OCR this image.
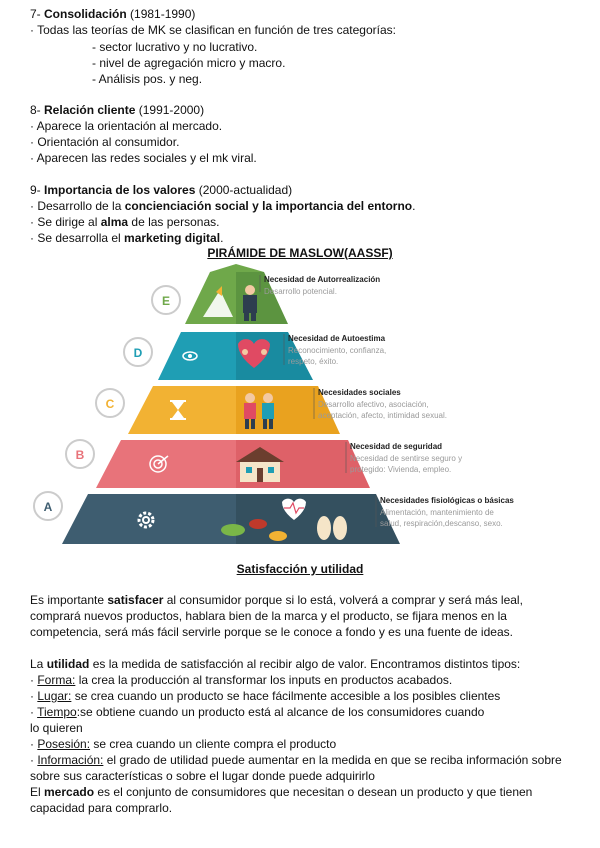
7- Consolidación (1981-1990)
· Todas las teorías de MK se clasifican en función de tres categorías:
- sector lucrativo y no lucrativo.
- nivel de agregación micro y macro.
- Análisis pos. y neg.
8- Relación cliente (1991-2000)
· Aparece la orientación al mercado.
· Orientación al consumidor.
· Aparecen las redes sociales y el mk viral.
9- Importancia de los valores (2000-actualidad)
· Desarrollo de la concienciación social y la importancia del entorno.
· Se dirige al alma de las personas.
· Se desarrolla el marketing digital.
PIRÁMIDE DE MASLOW(AASSF)
E
Necesidad de Autorrealización
Desarrollo potencial.
D
Necesidad de Autoestima
Reconocimiento, confianza,
respeto, éxito.
C
Necesidades sociales
Desarrollo afectivo, asociación,
aceptación, afecto, intimidad sexual.
B
Necesidad de seguridad
Necesidad de sentirse seguro y
protegido: Vivienda, empleo.
A	Necesidades fisiológicas o básicas
Alimentación, mantenimiento de
salud, respiración,descanso, sexo.
Satisfacción y utilidad
Es importante satisfacer al consumidor porque si lo está, volverá a comprar y será más leal,
comprará nuevos productos, hablara bien de la marca y el producto, se fijara menos en la
competencia, será más fácil servirle porque se le conoce a fondo y es una fuente de ideas.
La utilidad es la medida de satisfacción al recibir algo de valor. Encontramos distintos tipos:
· Forma: la crea la producción al transformar los inputs en productos acabados.
· Lugar: se crea cuando un producto se hace fácilmente accesible a los posibles clientes
· Tiempo:se obtiene cuando un producto está al alcance de los consumidores cuando
lo quieren
· Posesión: se crea cuando un cliente compra el producto
· Información: el grado de utilidad puede aumentar en la medida en que se reciba información sobre
sobre sus características o sobre el lugar donde puede adquirirlo
El mercado es el conjunto de consumidores que necesitan o desean un producto y que tienen
capacidad para comprarlo.
